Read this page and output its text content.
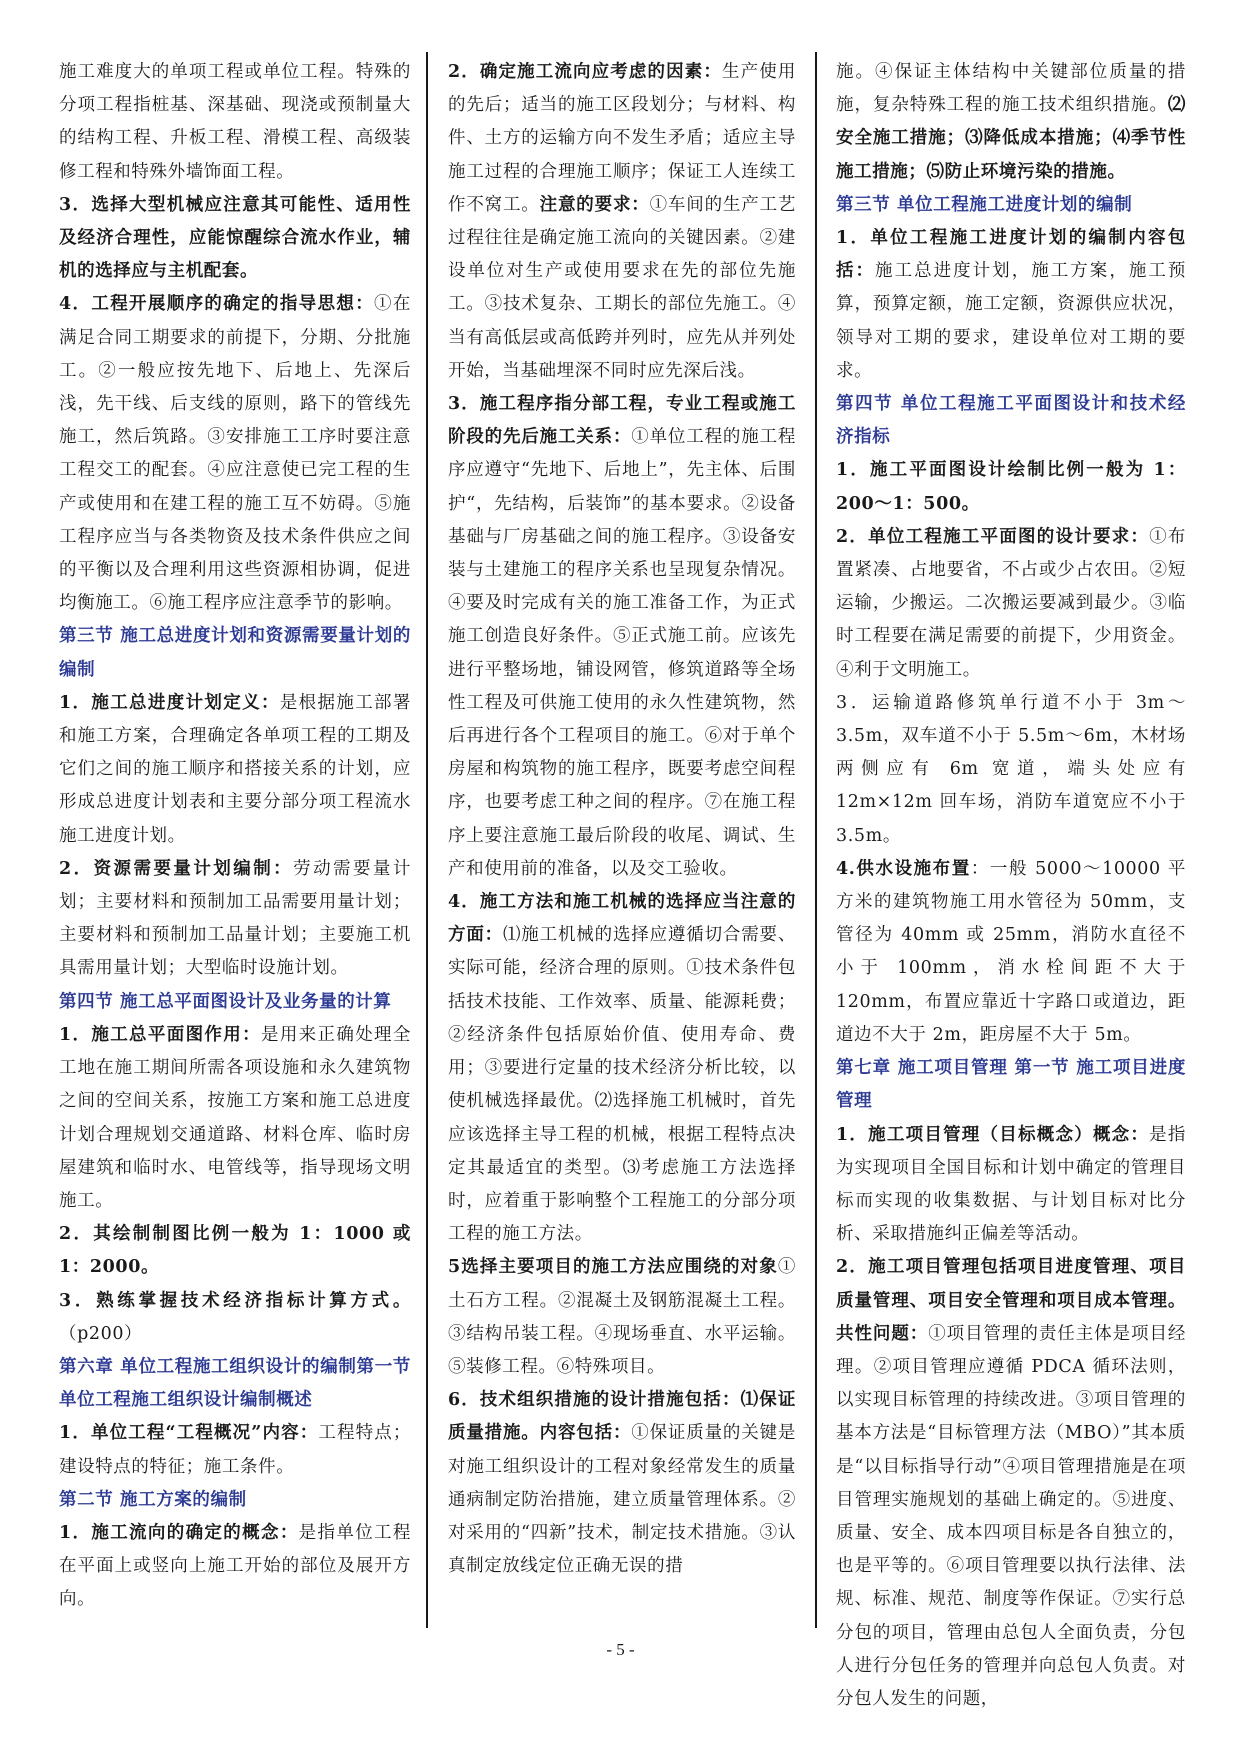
施工难度大的单项工程或单位工程。特殊的分项工程指桩基、深基础、现浇或预制量大的结构工程、升板工程、滑模工程、高级装修工程和特殊外墙饰面工程。

3．选择大型机械应注意其可能性、适用性及经济合理性，应能惊醒综合流水作业，辅机的选择应与主机配套。

4．工程开展顺序的确定的指导思想：①在满足合同工期要求的前提下，分期、分批施工。②一般应按先地下、后地上、先深后浅，先干线、后支线的原则，路下的管线先施工，然后筑路。③安排施工工序时要注意工程交工的配套。④应注意使已完工程的生产或使用和在建工程的施工互不妨碍。⑤施工程序应当与各类物资及技术条件供应之间的平衡以及合理利用这些资源相协调，促进均衡施工。⑥施工程序应注意季节的影响。

第三节 施工总进度计划和资源需要量计划的编制

1．施工总进度计划定义：是根据施工部署和施工方案，合理确定各单项工程的工期及它们之间的施工顺序和搭接关系的计划，应形成总进度计划表和主要分部分项工程流水施工进度计划。

2．资源需要量计划编制：劳动需要量计划；主要材料和预制加工品需要用量计划；主要材料和预制加工品量计划；主要施工机具需用量计划；大型临时设施计划。

第四节 施工总平面图设计及业务量的计算

1．施工总平面图作用：是用来正确处理全工地在施工期间所需各项设施和永久建筑物之间的空间关系，按施工方案和施工总进度计划合理规划交通道路、材料仓库、临时房屋建筑和临时水、电管线等，指导现场文明施工。

2．其绘制制图比例一般为 1：1000 或 1：2000。

3．熟练掌握技术经济指标计算方式。（p200）

第六章 单位工程施工组织设计的编制第一节 单位工程施工组织设计编制概述

1．单位工程“工程概况”内容：工程特点；建设特点的特征；施工条件。

第二节 施工方案的编制

1．施工流向的确定的概念：是指单位工程在平面上或竖向上施工开始的部位及展开方向。

2．确定施工流向应考虑的因素：生产使用的先后；适当的施工区段划分；与材料、构件、土方的运输方向不发生矛盾；适应主导施工过程的合理施工顺序；保证工人连续工作不窝工。注意的要求：①车间的生产工艺过程往往是确定施工流向的关键因素。②建设单位对生产或使用要求在先的部位先施工。③技术复杂、工期长的部位先施工。④当有高低层或高低跨并列时，应先从并列处开始，当基础埋深不同时应先深后浅。

3．施工程序指分部工程，专业工程或施工阶段的先后施工关系：①单位工程的施工程序应遵守“先地下、后地上”，先主体、后围护“，先结构，后装饰”的基本要求。②设备基础与厂房基础之间的施工程序。③设备安装与土建施工的程序关系也呈现复杂情况。④要及时完成有关的施工准备工作，为正式施工创造良好条件。⑤正式施工前。应该先进行平整场地，铺设网管，修筑道路等全场性工程及可供施工使用的永久性建筑物，然后再进行各个工程项目的施工。⑥对于单个房屋和构筑物的施工程序，既要考虑空间程序，也要考虑工种之间的程序。⑦在施工程序上要注意施工最后阶段的收尾、调试、生产和使用前的准备，以及交工验收。

4．施工方法和施工机械的选择应当注意的方面：⑴施工机械的选择应遵循切合需要、实际可能，经济合理的原则。①技术条件包括技术技能、工作效率、质量、能源耗费；②经济条件包括原始价值、使用寿命、费用；③要进行定量的技术经济分析比较，以使机械选择最优。⑵选择施工机械时，首先应该选择主导工程的机械，根据工程特点决定其最适宜的类型。⑶考虑施工方法选择时，应着重于影响整个工程施工的分部分项工程的施工方法。

5选择主要项目的施工方法应围绕的对象①土石方工程。②混凝土及钢筋混凝土工程。③结构吊装工程。④现场垂直、水平运输。⑤装修工程。⑥特殊项目。

6．技术组织措施的设计措施包括：⑴保证质量措施。内容包括：①保证质量的关键是对施工组织设计的工程对象经常发生的质量通病制定防治措施，建立质量管理体系。②对采用的“四新”技术，制定技术措施。③认真制定放线定位正确无误的措

施。④保证主体结构中关键部位质量的措施，复杂特殊工程的施工技术组织措施。⑵安全施工措施；⑶降低成本措施；⑷季节性施工措施；⑸防止环境污染的措施。

第三节 单位工程施工进度计划的编制

1．单位工程施工进度计划的编制内容包括：施工总进度计划，施工方案，施工预算，预算定额，施工定额，资源供应状况，领导对工期的要求，建设单位对工期的要求。

第四节 单位工程施工平面图设计和技术经济指标

1．施工平面图设计绘制比例一般为 1：200～1：500。

2．单位工程施工平面图的设计要求：①布置紧凑、占地要省，不占或少占农田。②短运输，少搬运。二次搬运要减到最少。③临时工程要在满足需要的前提下，少用资金。④利于文明施工。

3．运输道路修筑单行道不小于 3m～3.5m，双车道不小于 5.5m～6m，木材场两侧应有 6m 宽道，端头处应有 12m×12m 回车场，消防车道宽应不小于 3.5m。

4.供水设施布置：一般 5000～10000 平方米的建筑物施工用水管径为 50mm，支管径为 40mm 或 25mm，消防水直径不小于 100mm，消水栓间距不大于 120mm，布置应靠近十字路口或道边，距道边不大于 2m，距房屋不大于 5m。

第七章 施工项目管理 第一节 施工项目进度管理

1．施工项目管理（目标概念）概念：是指为实现项目全国目标和计划中确定的管理目标而实现的收集数据、与计划目标对比分析、采取措施纠正偏差等活动。

2．施工项目管理包括项目进度管理、项目质量管理、项目安全管理和项目成本管理。共性问题：①项目管理的责任主体是项目经理。②项目管理应遵循 PDCA 循环法则，以实现目标管理的持续改进。③项目管理的基本方法是“目标管理方法（MBO）”其本质是“以目标指导行动”④项目管理措施是在项目管理实施规划的基础上确定的。⑤进度、质量、安全、成本四项目标是各自独立的，也是平等的。⑥项目管理要以执行法律、法规、标准、规范、制度等作保证。⑦实行总分包的项目，管理由总包人全面负责，分包人进行分包任务的管理并向总包人负责。对分包人发生的问题，

- 5 -
